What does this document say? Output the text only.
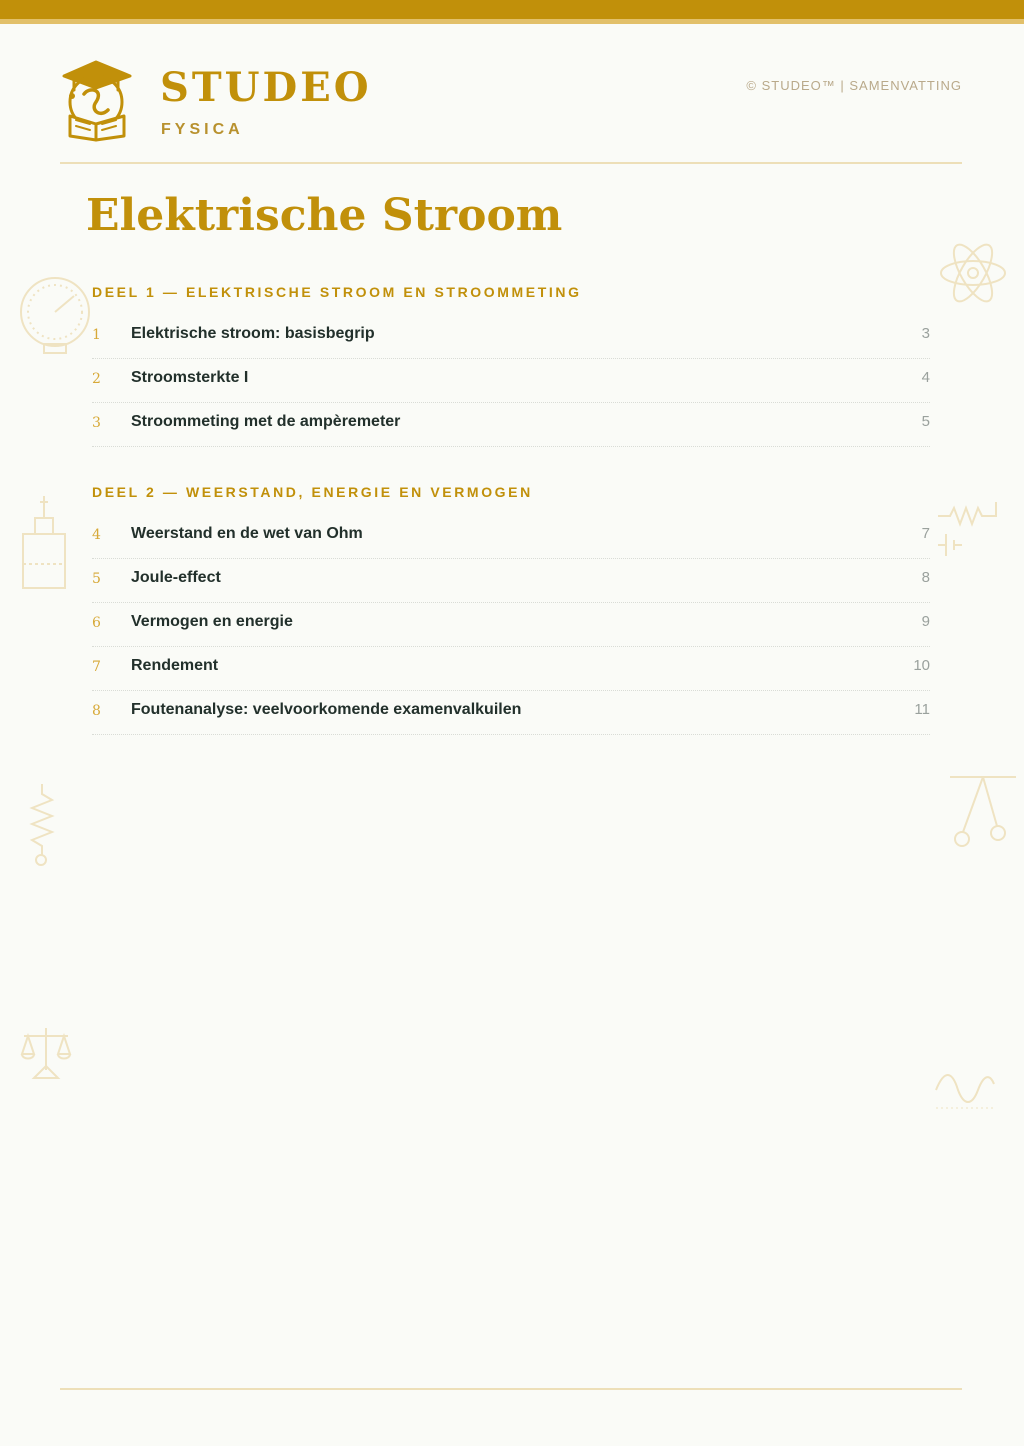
STUDEO
FYSICA
© STUDEO™ | SAMENVATTING
Elektrische Stroom
DEEL 1 — ELEKTRISCHE STROOM EN STROOMMETING
1 Elektrische stroom: basisbegrip	3
2 Stroomsterkte I	4
3 Stroommeting met de ampèremeter	5
DEEL 2 — WEERSTAND, ENERGIE EN VERMOGEN
4 Weerstand en de wet van Ohm	7
5 Joule-effect	8
6 Vermogen en energie	9
7 Rendement	10
8 Foutenanalyse: veelvoorkomende examenvalkuilen	11
